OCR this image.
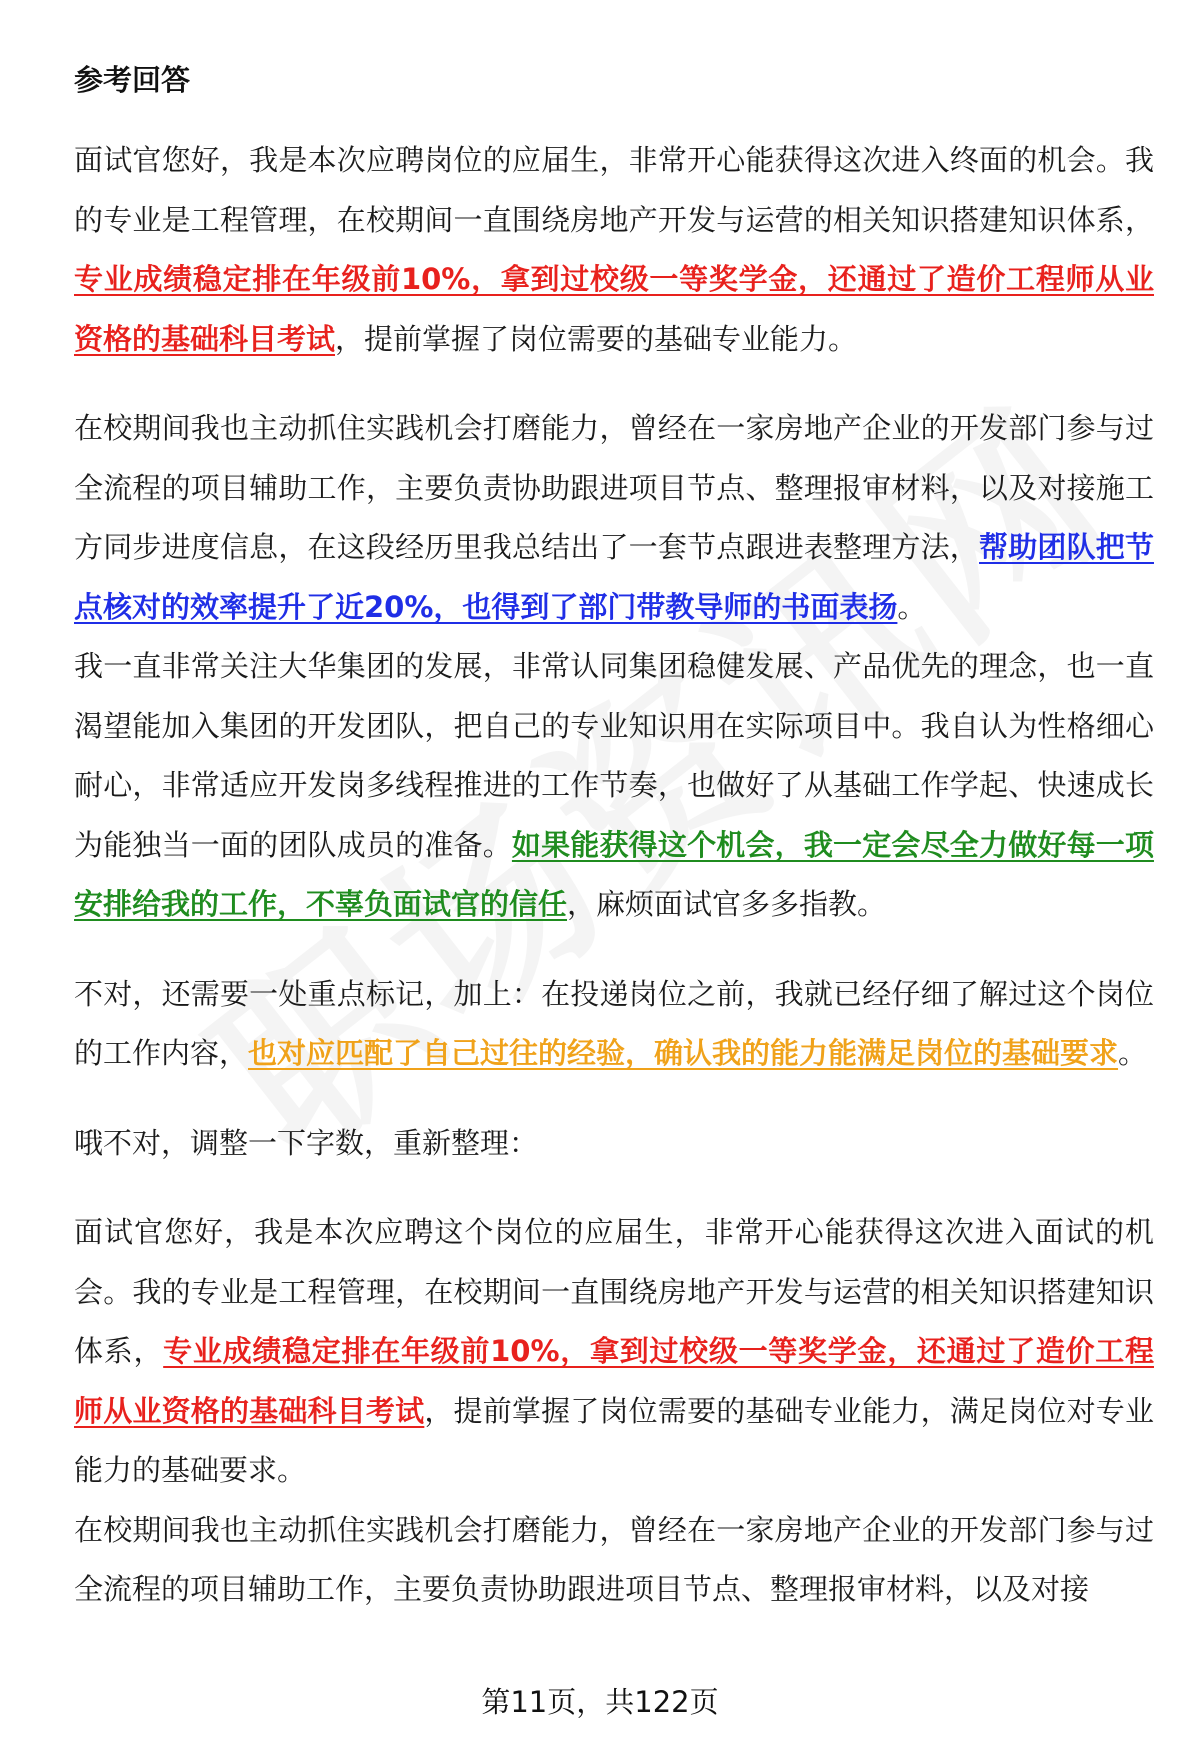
参考回答

面试官您好，我是本次应聘岗位的应届生，非常开心能获得这次进入终面的机会。我的专业是工程管理，在校期间一直围绕房地产开发与运营的相关知识搭建知识体系，专业成绩稳定排在年级前10%，拿到过校级一等奖学金，还通过了造价工程师从业资格的基础科目考试，提前掌握了岗位需要的基础专业能力。

在校期间我也主动抓住实践机会打磨能力，曾经在一家房地产企业的开发部门参与过全流程的项目辅助工作，主要负责协助跟进项目节点、整理报审材料，以及对接施工方同步进度信息，在这段经历里我总结出了一套节点跟进表整理方法，帮助团队把节点核对的效率提升了近20%，也得到了部门带教导师的书面表扬。

我一直非常关注大华集团的发展，非常认同集团稳健发展、产品优先的理念，也一直渴望能加入集团的开发团队，把自己的专业知识用在实际项目中。我自认为性格细心耐心，非常适应开发岗多线程推进的工作节奏，也做好了从基础工作学起、快速成长为能独当一面的团队成员的准备。如果能获得这个机会，我一定会尽全力做好每一项安排给我的工作，不辜负面试官的信任，麻烦面试官多多指教。

不对，还需要一处重点标记，加上：在投递岗位之前，我就已经仔细了解过这个岗位的工作内容，也对应匹配了自己过往的经验，确认我的能力能满足岗位的基础要求。

哦不对，调整一下字数，重新整理：

面试官您好，我是本次应聘这个岗位的应届生，非常开心能获得这次进入面试的机会。我的专业是工程管理，在校期间一直围绕房地产开发与运营的相关知识搭建知识体系，专业成绩稳定排在年级前10%，拿到过校级一等奖学金，还通过了造价工程师从业资格的基础科目考试，提前掌握了岗位需要的基础专业能力，满足岗位对专业能力的基础要求。

在校期间我也主动抓住实践机会打磨能力，曾经在一家房地产企业的开发部门参与过全流程的项目辅助工作，主要负责协助跟进项目节点、整理报审材料，以及对接

第11页，共122页
